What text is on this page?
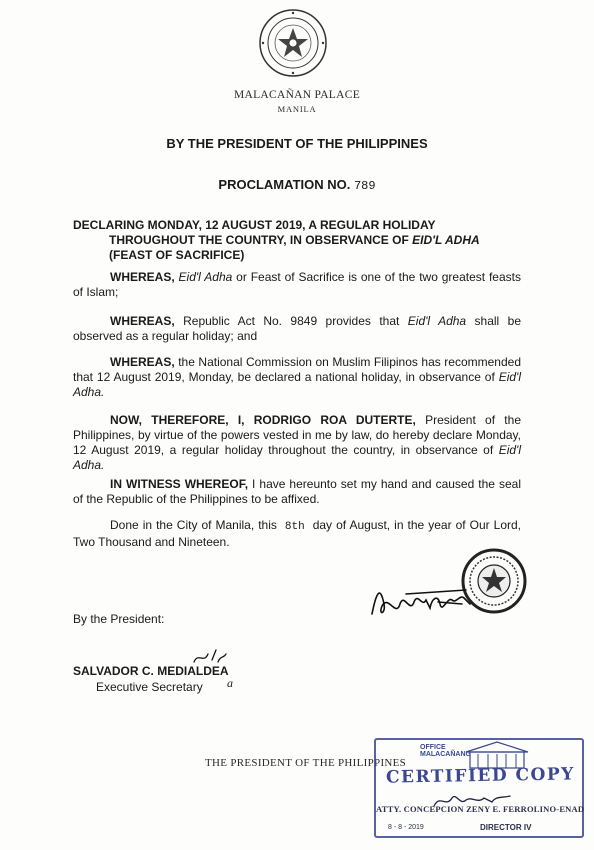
MALACAÑAN PALACE
MANILA
BY THE PRESIDENT OF THE PHILIPPINES
PROCLAMATION NO. 789
DECLARING MONDAY, 12 AUGUST 2019, A REGULAR HOLIDAY
THROUGHOUT THE COUNTRY, IN OBSERVANCE OF EID'L ADHA
(FEAST OF SACRIFICE)
WHEREAS, Eid'l Adha or Feast of Sacrifice is one of the two greatest feasts of Islam;
WHEREAS, Republic Act No. 9849 provides that Eid'l Adha shall be observed as a regular holiday; and
WHEREAS, the National Commission on Muslim Filipinos has recommended that 12 August 2019, Monday, be declared a national holiday, in observance of Eid'l Adha.
NOW, THEREFORE, I, RODRIGO ROA DUTERTE, President of the Philippines, by virtue of the powers vested in me by law, do hereby declare Monday, 12 August 2019, a regular holiday throughout the country, in observance of Eid'l Adha.
IN WITNESS WHEREOF, I have hereunto set my hand and caused the seal of the Republic of the Philippines to be affixed.
Done in the City of Manila, this 8th day of August, in the year of Our Lord, Two Thousand and Nineteen.
By the President:
SALVADOR C. MEDIALDEA
Executive Secretary a
THE PRESIDENT OF THE PHILIPPINES
OFFICE
MALACAÑANG
CERTIFIED COPY
ATTY. CONCEPCION ZENY E. FERROLINO-ENAD
8 - 8 - 2019	DIRECTOR IV
